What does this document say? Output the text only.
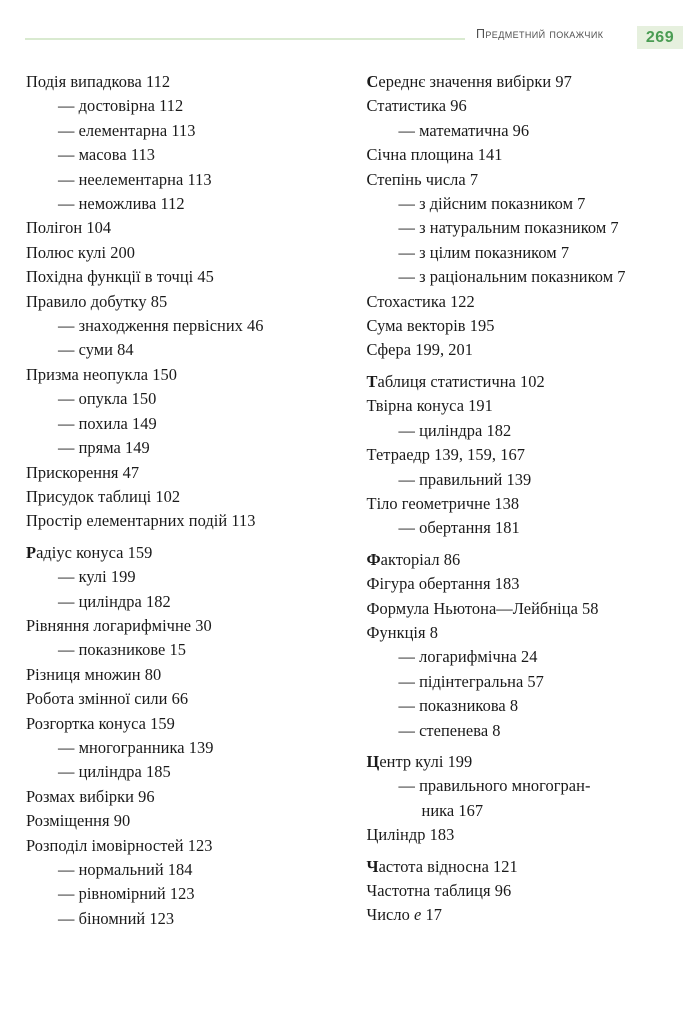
Предметний покажчик	269
Подія випадкова 112
— достовірна 112
— елементарна 113
— масова 113
— неелементарна 113
— неможлива 112
Полігон 104
Полюс кулі 200
Похідна функції в точці 45
Правило добутку 85
— знаходження первісних 46
— суми 84
Призма неопукла 150
— опукла 150
— похила 149
— пряма 149
Прискорення 47
Присудок таблиці 102
Простір елементарних подій 113
Радіус конуса 159
— кулі 199
— циліндра 182
Рівняння логарифмічне 30
— показникове 15
Різниця множин 80
Робота змінної сили 66
Розгортка конуса 159
— многогранника 139
— циліндра 185
Розмах вибірки 96
Розміщення 90
Розподіл імовірностей 123
— нормальний 184
— рівномірний 123
— біномний 123
Середнє значення вибірки 97
Статистика 96
— математична 96
Січна площина 141
Степінь числа 7
— з дійсним показником 7
— з натуральним показником 7
— з цілим показником 7
— з раціональним показником 7
Стохастика 122
Сума векторів 195
Сфера 199, 201
Таблиця статистична 102
Твірна конуса 191
— циліндра 182
Тетраедр 139, 159, 167
— правильний 139
Тіло геометричне 138
— обертання 181
Факторіал 86
Фігура обертання 183
Формула Ньютона—Лейбніца 58
Функція 8
— логарифмічна 24
— підінтегральна 57
— показникова 8
— степенева 8
Центр кулі 199
— правильного многогран-
ника 167
Циліндр 183
Частота відносна 121
Частотна таблиця 96
Число e 17
